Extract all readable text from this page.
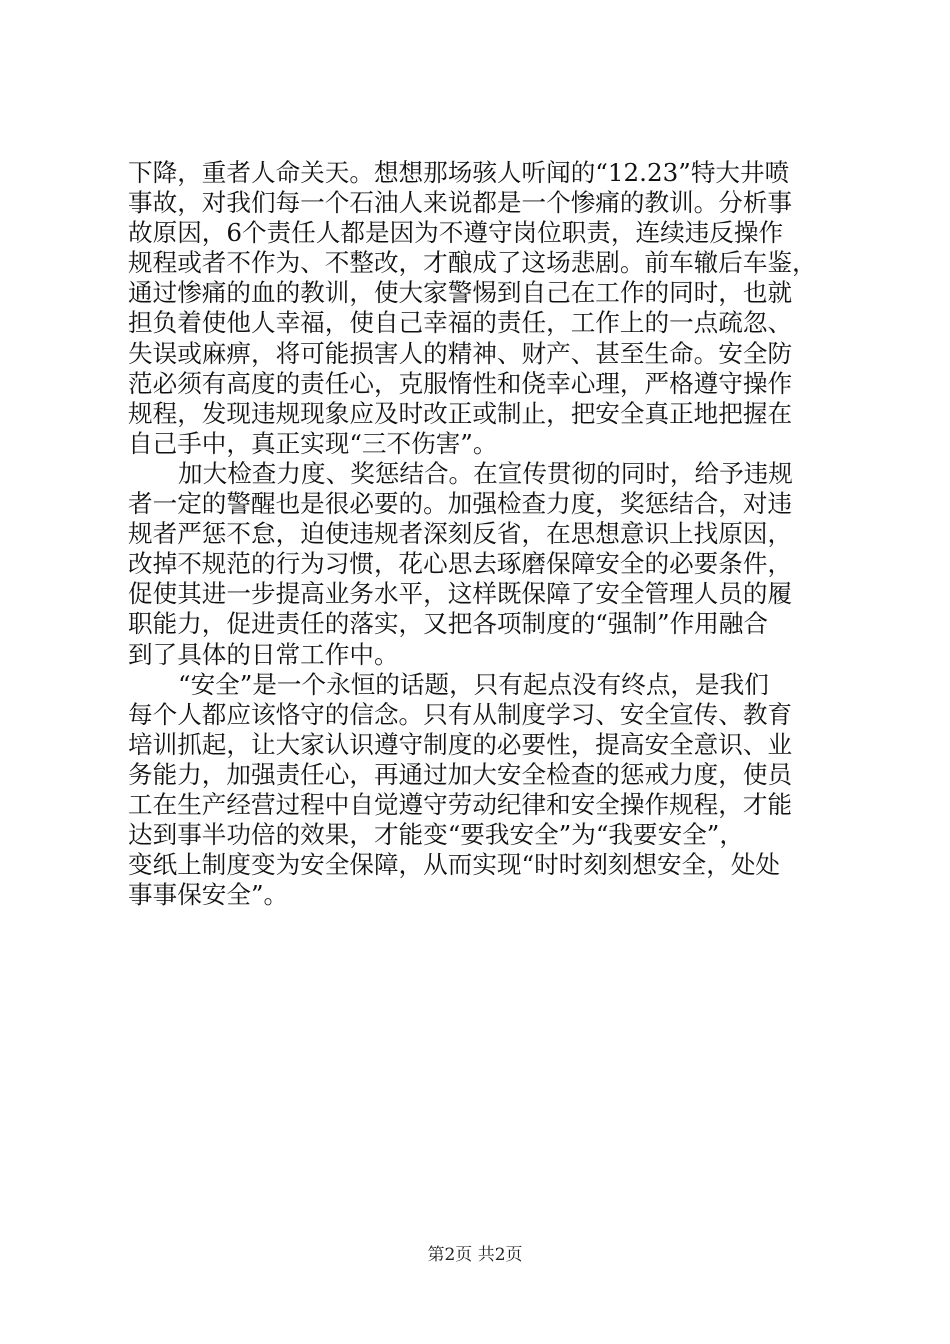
下降，重者人命关天。想想那场骇人听闻的“12.23”特大井喷
事故，对我们每一个石油人来说都是一个惨痛的教训。分析事
故原因，6个责任人都是因为不遵守岗位职责，连续违反操作
规程或者不作为、不整改，才酿成了这场悲剧。前车辙后车鉴，
通过惨痛的血的教训，使大家警惕到自己在工作的同时，也就
担负着使他人幸福，使自己幸福的责任，工作上的一点疏忽、
失误或麻痹，将可能损害人的精神、财产、甚至生命。安全防
范必须有高度的责任心，克服惰性和侥幸心理，严格遵守操作
规程，发现违规现象应及时改正或制止，把安全真正地把握在
自己手中，真正实现“三不伤害”。
加大检查力度、奖惩结合。在宣传贯彻的同时，给予违规
者一定的警醒也是很必要的。加强检查力度，奖惩结合，对违
规者严惩不怠，迫使违规者深刻反省，在思想意识上找原因，
改掉不规范的行为习惯，花心思去琢磨保障安全的必要条件，
促使其进一步提高业务水平，这样既保障了安全管理人员的履
职能力，促进责任的落实，又把各项制度的“强制”作用融合
到了具体的日常工作中。
“安全”是一个永恒的话题，只有起点没有终点，是我们
每个人都应该恪守的信念。只有从制度学习、安全宣传、教育
培训抓起，让大家认识遵守制度的必要性，提高安全意识、业
务能力，加强责任心，再通过加大安全检查的惩戒力度，使员
工在生产经营过程中自觉遵守劳动纪律和安全操作规程，才能
达到事半功倍的效果，才能变“要我安全”为“我要安全”，
变纸上制度变为安全保障，从而实现“时时刻刻想安全，处处
事事保安全”。
第2页 共2页
